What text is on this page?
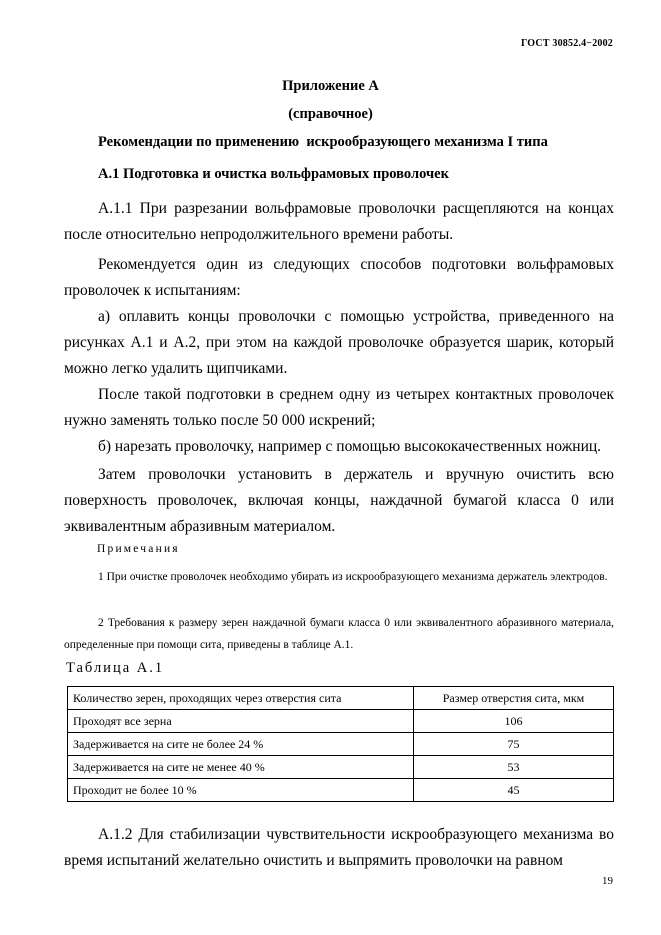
ГОСТ 30852.4−2002
Приложение А
(справочное)
Рекомендации по применению  искрообразующего механизма I типа
А.1 Подготовка и очистка вольфрамовых проволочек
А.1.1 При разрезании вольфрамовые проволочки расщепляются на концах после относительно непродолжительного времени работы.
Рекомендуется один из следующих способов подготовки вольфрамовых проволочек к испытаниям:
а) оплавить концы проволочки с помощью устройства, приведенного на рисунках А.1 и А.2, при этом на каждой проволочке образуется шарик, который можно легко удалить щипчиками.
После такой подготовки в среднем одну из четырех контактных проволочек нужно заменять только после 50 000 искрений;
б) нарезать проволочку, например с помощью высококачественных ножниц.
Затем проволочки установить в держатель и вручную очистить всю поверхность проволочек, включая концы, наждачной бумагой класса 0 или эквивалентным абразивным материалом.
Примечания
1 При очистке проволочек необходимо убирать из искрообразующего механизма держатель электродов.
2 Требования к размеру зерен наждачной бумаги класса 0 или эквивалентного абразивного материала, определенные при помощи сита, приведены в таблице А.1.
Таблица А.1
Количество зерен, проходящих через отверстия сита	Размер отверстия сита, мкм
Проходят все зерна	106
Задерживается на сите не более 24 %	75
Задерживается на сите не менее 40 %	53
Проходит не более 10 %	45
А.1.2 Для стабилизации чувствительности искрообразующего механизма во время испытаний желательно очистить и выпрямить проволочки на равном
19
